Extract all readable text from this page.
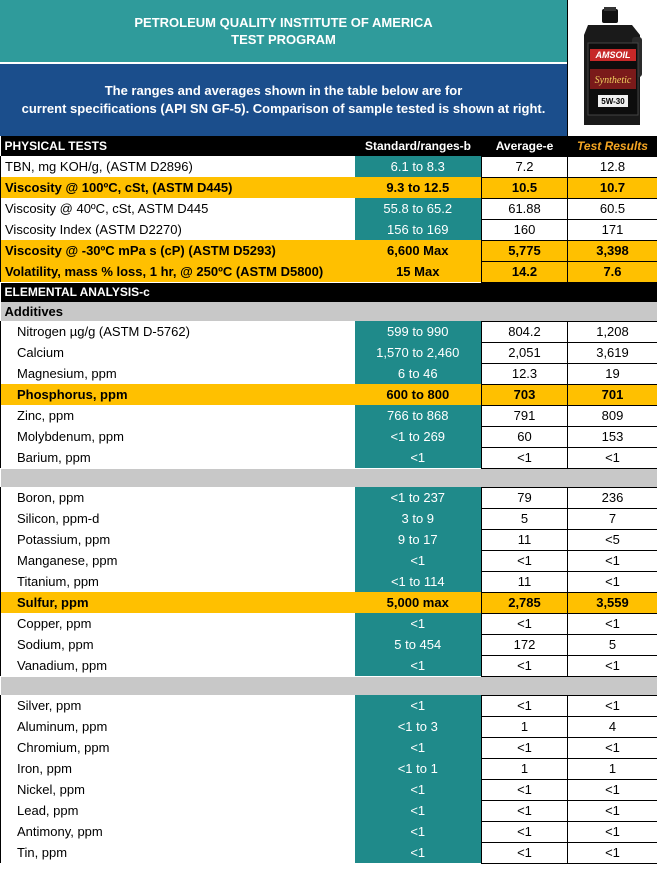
PETROLEUM QUALITY INSTITUTE OF AMERICA
TEST PROGRAM
The ranges and averages shown in the table below are for
current specifications (API SN GF-5). Comparison of sample tested is shown at right.
AMSOIL
Synthetic
5W-30
PHYSICAL TESTS	Standard/ranges-b	Average-e	Test Results
TBN, mg KOH/g, (ASTM D2896)	6.1 to 8.3	7.2	12.8
Viscosity @ 100ºC, cSt, (ASTM D445)	9.3 to 12.5	10.5	10.7
Viscosity @ 40ºC, cSt, ASTM D445	55.8 to 65.2	61.88	60.5
Viscosity Index (ASTM D2270)	156 to 169	160	171
Viscosity @ -30ºC mPa s (cP) (ASTM D5293)	6,600 Max	5,775	3,398
Volatility, mass % loss, 1 hr, @ 250ºC (ASTM D5800)	15 Max	14.2	7.6
ELEMENTAL ANALYSIS-c			
Additives			
Nitrogen µg/g (ASTM D-5762)	599 to 990	804.2	1,208
Calcium	1,570 to 2,460	2,051	3,619
Magnesium, ppm	6 to 46	12.3	19
Phosphorus, ppm	600 to 800	703	701
Zinc, ppm	766 to 868	791	809
Molybdenum, ppm	<1 to 269	60	153
Barium, ppm	<1	<1	<1

Boron, ppm	<1 to 237	79	236
Silicon, ppm-d	3 to 9	5	7
Potassium, ppm	9 to 17	11	<5
Manganese, ppm	<1	<1	<1
Titanium, ppm	<1 to 114	11	<1
Sulfur, ppm	5,000 max	2,785	3,559
Copper, ppm	<1	<1	<1
Sodium, ppm	5 to 454	172	5
Vanadium, ppm	<1	<1	<1

Silver, ppm	<1	<1	<1
Aluminum, ppm	<1 to 3	1	4
Chromium, ppm	<1	<1	<1
Iron, ppm	<1 to 1	1	1
Nickel, ppm	<1	<1	<1
Lead, ppm	<1	<1	<1
Antimony, ppm	<1	<1	<1
Tin, ppm	<1	<1	<1
